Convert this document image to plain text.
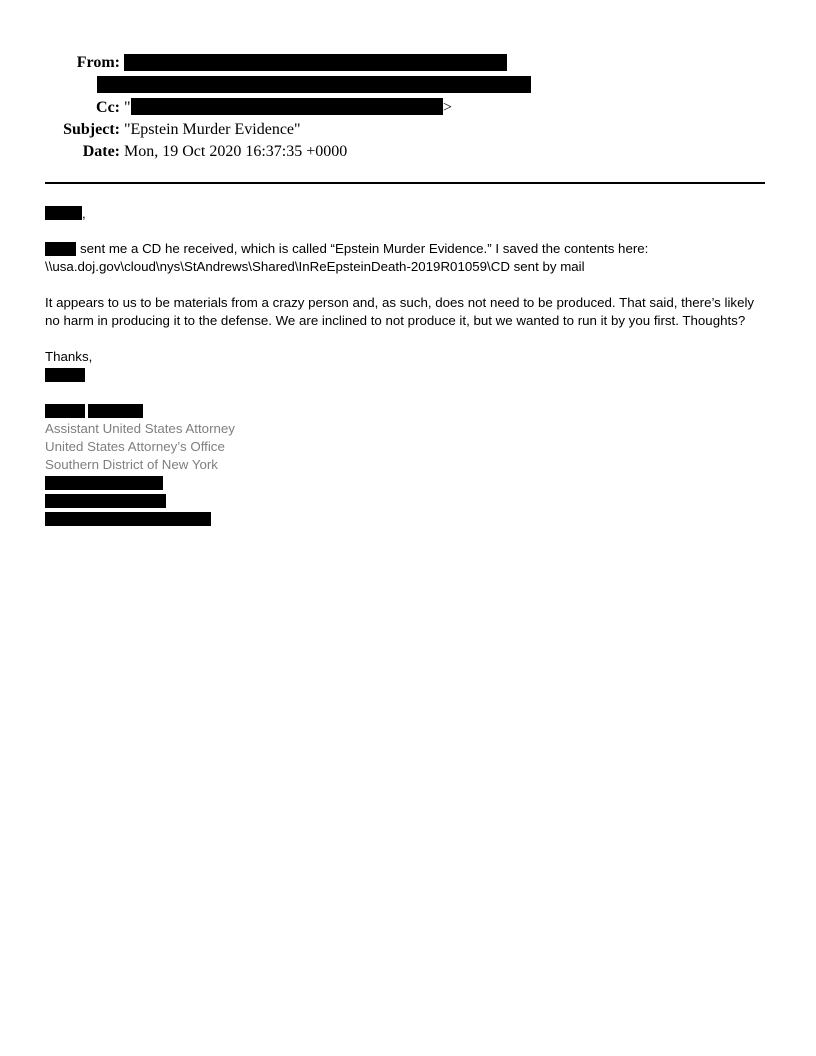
From:
Cc: "	>
Subject: "Epstein Murder Evidence"
Date: Mon, 19 Oct 2020 16:37:35 +0000
,
sent me a CD he received, which is called “Epstein Murder Evidence.” I saved the contents here:
\\usa.doj.gov\cloud\nys\StAndrews\Shared\InReEpsteinDeath-2019R01059\CD sent by mail
It appears to us to be materials from a crazy person and, as such, does not need to be produced. That said, there’s likely
no harm in producing it to the defense. We are inclined to not produce it, but we wanted to run it by you first. Thoughts?
Thanks,
Assistant United States Attorney
United States Attorney’s Office
Southern District of New York
